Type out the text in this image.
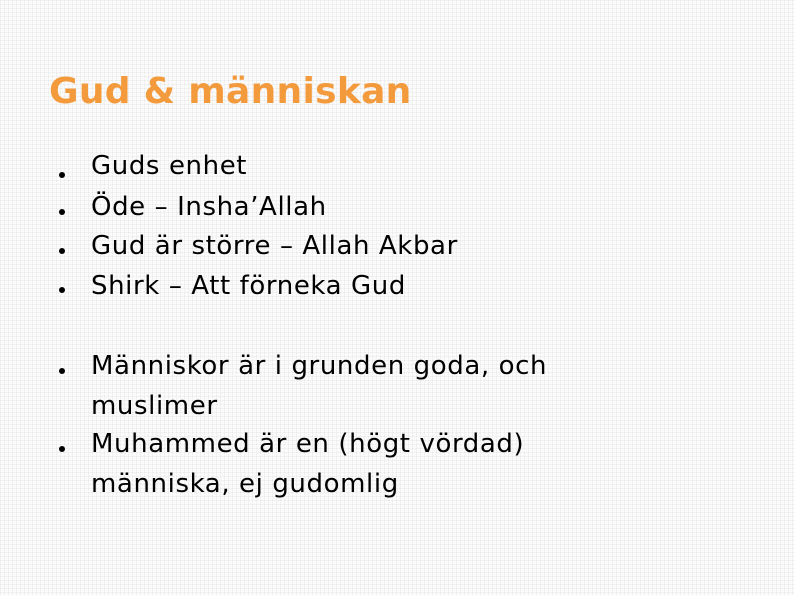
Gud & människan
Guds enhet
Öde – Insha’Allah
Gud är större – Allah Akbar
Shirk – Att förneka Gud
Människor är i grunden goda, och muslimer
Muhammed är en (högt vördad) människa, ej gudomlig
